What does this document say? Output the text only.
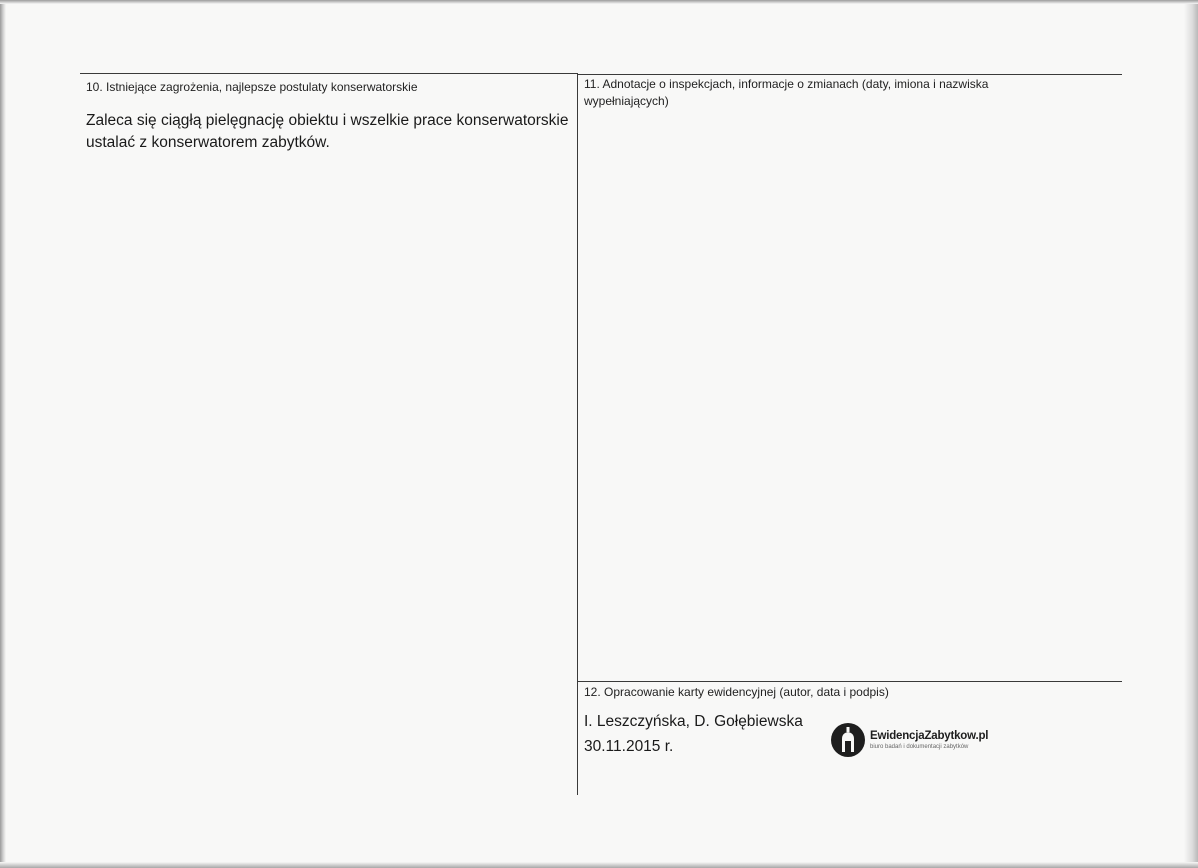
10. Istniejące zagrożenia, najlepsze postulaty konserwatorskie
Zaleca się ciągłą pielęgnację obiektu i wszelkie prace konserwatorskie
ustalać z konserwatorem zabytków.
11. Adnotacje o inspekcjach, informacje o zmianach (daty, imiona i nazwiska
wypełniających)
12. Opracowanie karty ewidencyjnej (autor, data i podpis)
I. Leszczyńska, D. Gołębiewska
30.11.2015 r.
EwidencjaZabytkow.pl
biuro badań i dokumentacji zabytków
